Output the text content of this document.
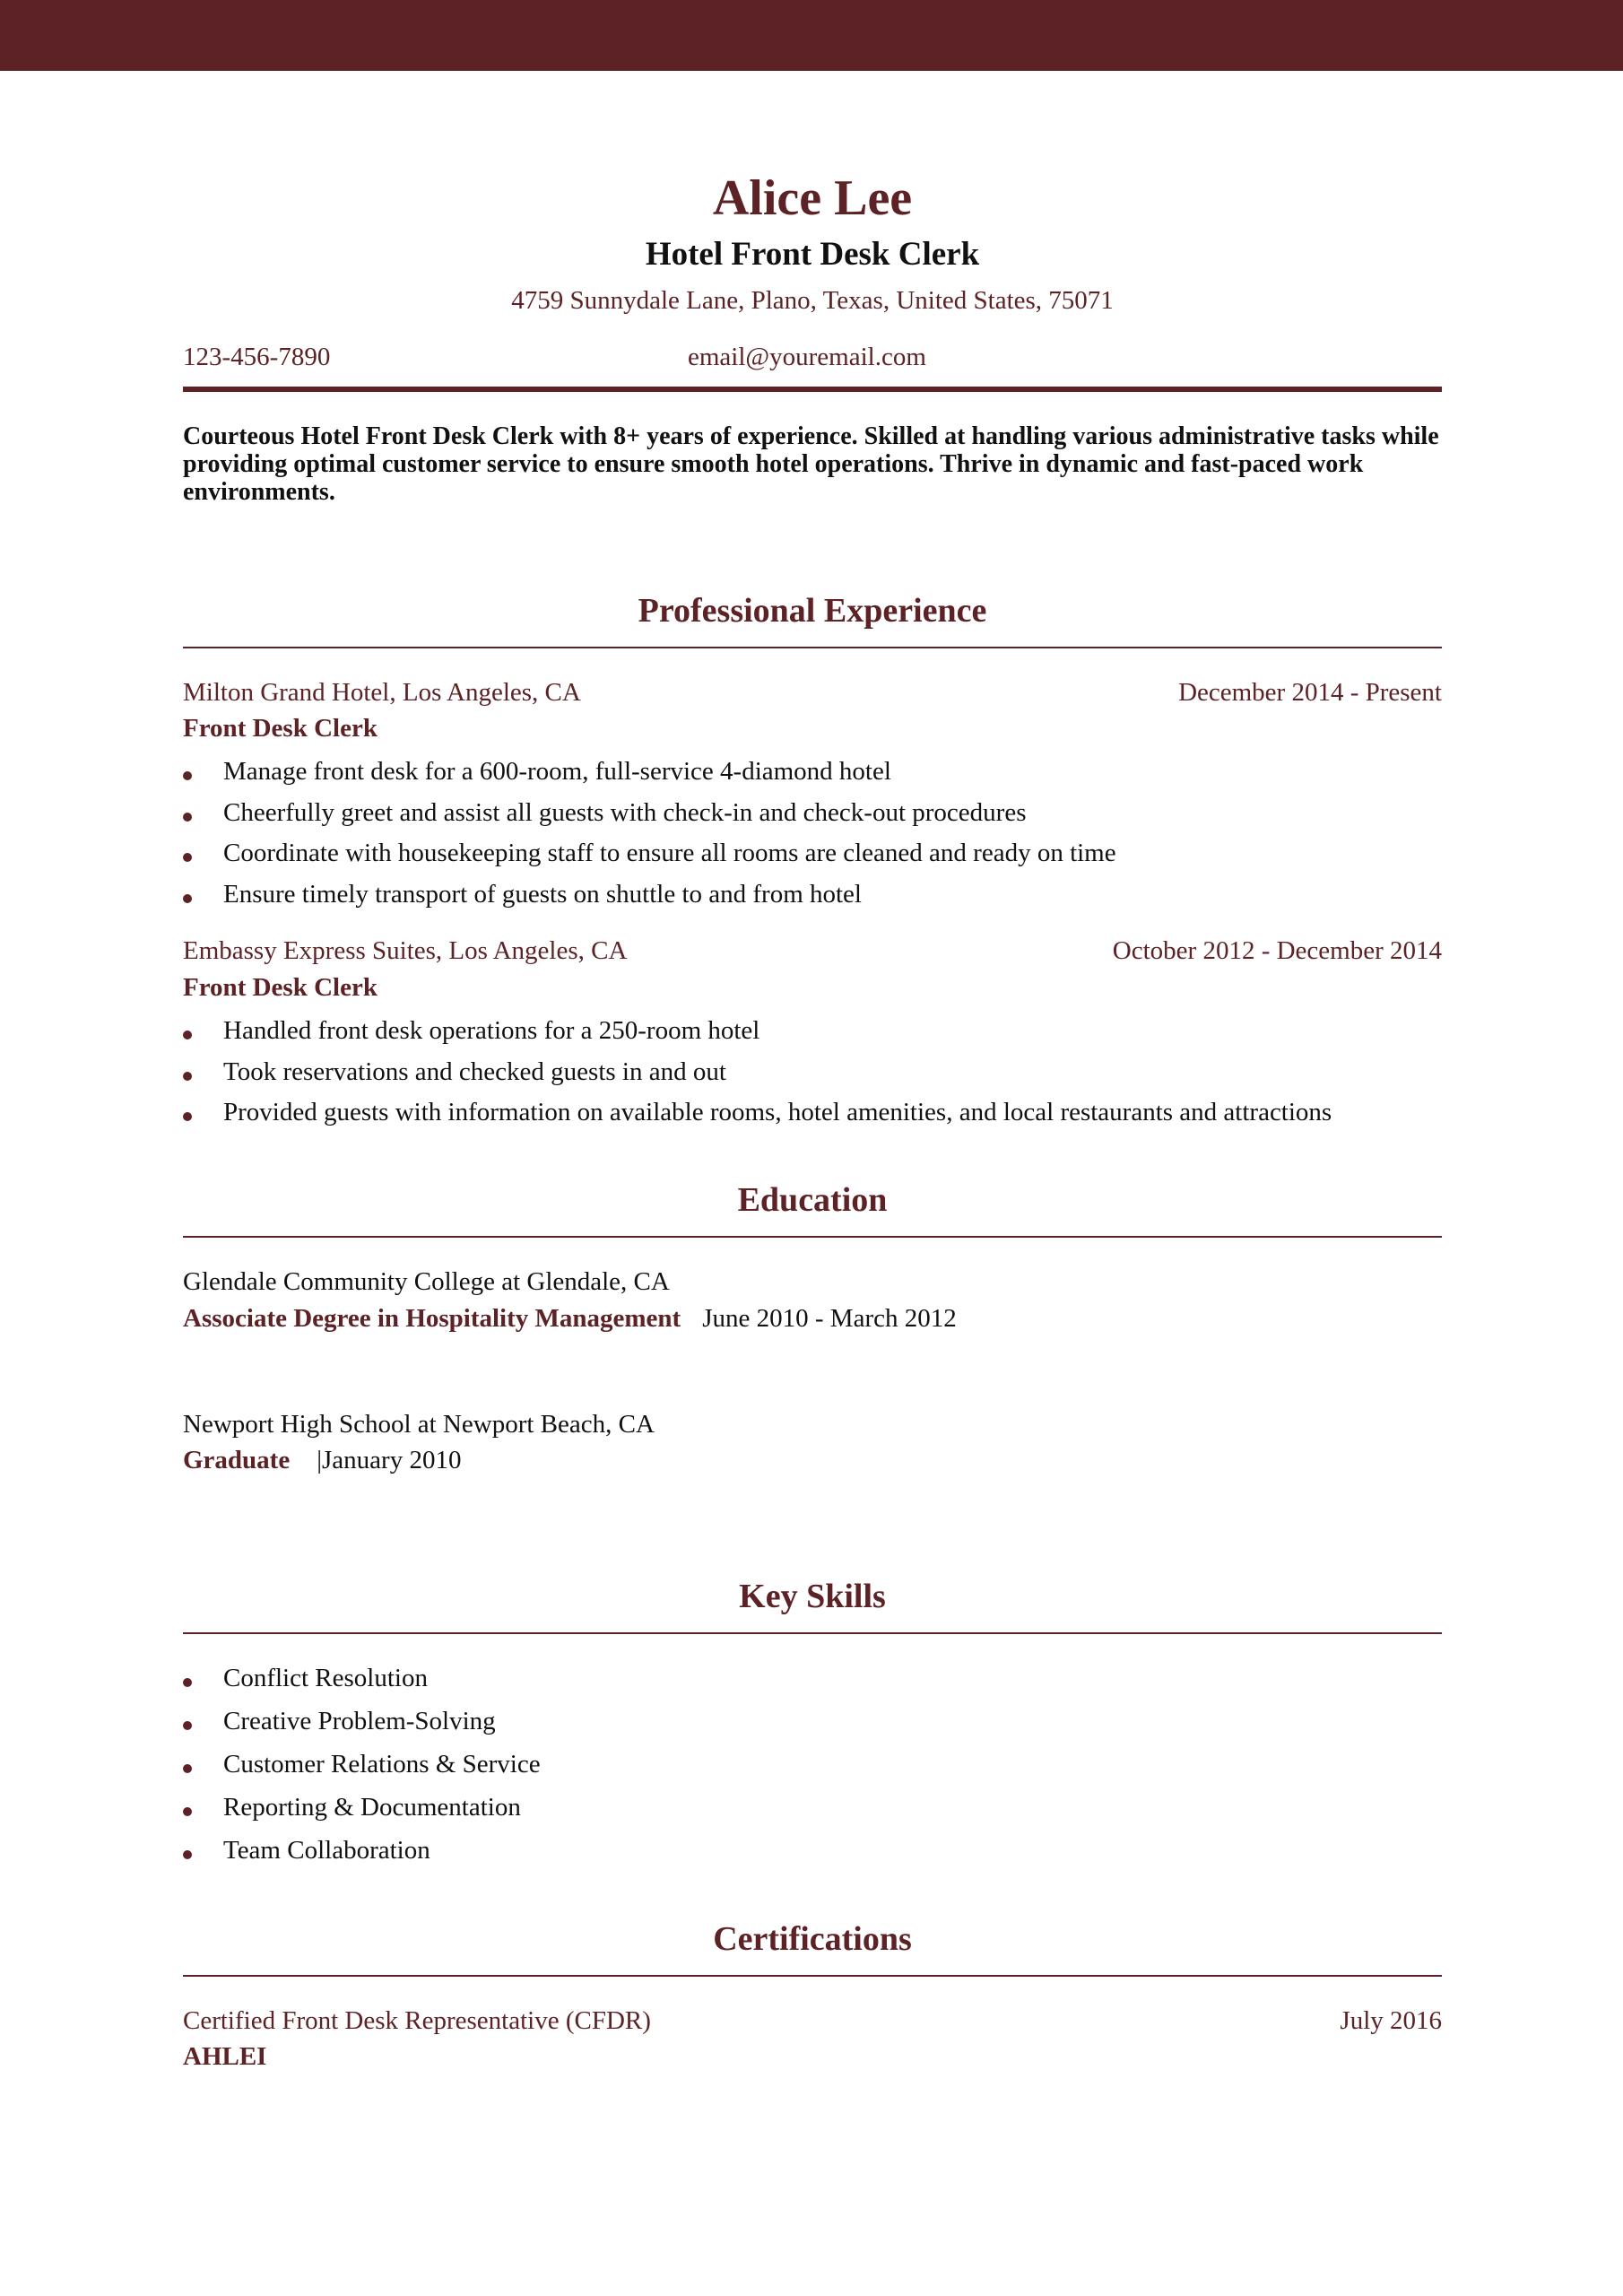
Alice Lee
Hotel Front Desk Clerk
4759 Sunnydale Lane, Plano, Texas, United States, 75071
123-456-7890	email@youremail.com
Courteous Hotel Front Desk Clerk with 8+ years of experience. Skilled at handling various administrative tasks while providing optimal customer service to ensure smooth hotel operations. Thrive in dynamic and fast-paced work environments.
Professional Experience
Milton Grand Hotel, Los Angeles, CA	December 2014 - Present
Front Desk Clerk
Manage front desk for a 600-room, full-service 4-diamond hotel
Cheerfully greet and assist all guests with check-in and check-out procedures
Coordinate with housekeeping staff to ensure all rooms are cleaned and ready on time
Ensure timely transport of guests on shuttle to and from hotel
Embassy Express Suites, Los Angeles, CA	October 2012 - December 2014
Front Desk Clerk
Handled front desk operations for a 250-room hotel
Took reservations and checked guests in and out
Provided guests with information on available rooms, hotel amenities, and local restaurants and attractions
Education
Glendale Community College at Glendale, CA
Associate Degree in Hospitality Management June 2010 - March 2012
Newport High School at Newport Beach, CA
Graduate |January 2010
Key Skills
Conflict Resolution
Creative Problem-Solving
Customer Relations & Service
Reporting & Documentation
Team Collaboration
Certifications
Certified Front Desk Representative (CFDR)	July 2016
AHLEI
